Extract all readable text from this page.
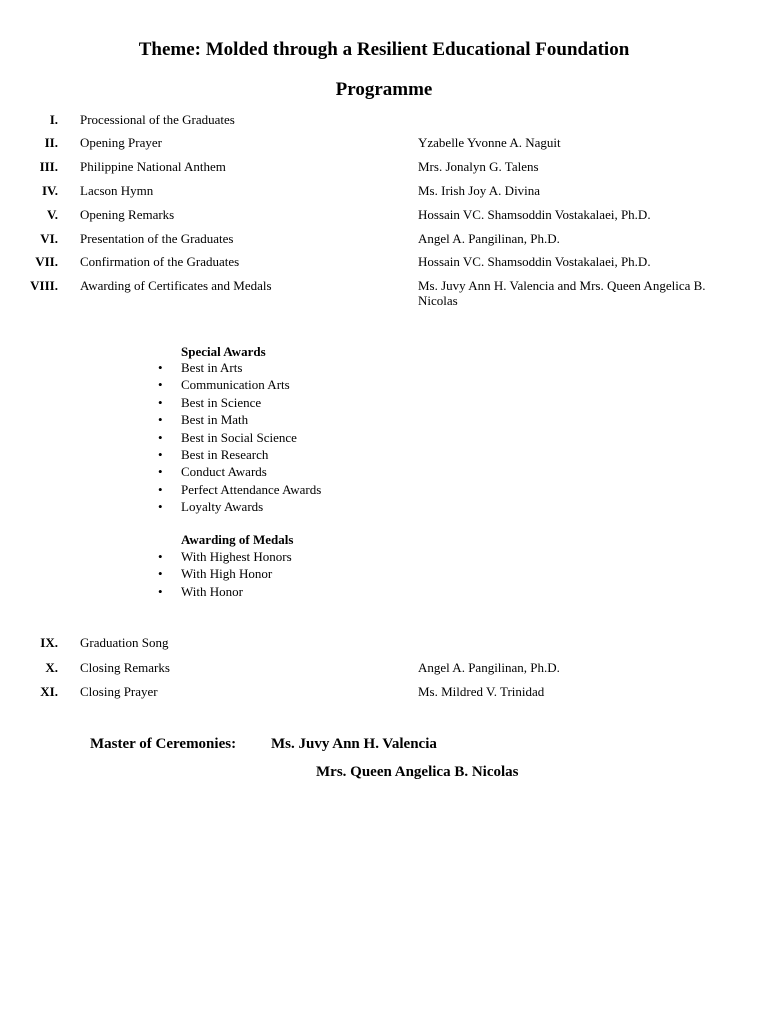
Theme: Molded through a Resilient Educational Foundation
Programme
I. Processional of the Graduates
II. Opening Prayer	Yzabelle Yvonne A. Naguit
III. Philippine National Anthem	Mrs. Jonalyn G. Talens
IV. Lacson Hymn	Ms. Irish Joy A. Divina
V. Opening Remarks	Hossain VC. Shamsoddin Vostakalaei, Ph.D.
VI. Presentation of the Graduates	Angel A. Pangilinan, Ph.D.
VII. Confirmation of the Graduates	Hossain VC. Shamsoddin Vostakalaei, Ph.D.
VIII. Awarding of Certificates and Medals	Ms. Juvy Ann H. Valencia and Mrs. Queen Angelica B. Nicolas
Special Awards
• Best in Arts
• Communication Arts
• Best in Science
• Best in Math
• Best in Social Science
• Best in Research
• Conduct Awards
• Perfect Attendance Awards
• Loyalty Awards
Awarding of Medals
• With Highest Honors
• With High Honor
• With Honor
IX. Graduation Song
X. Closing Remarks	Angel A. Pangilinan, Ph.D.
XI. Closing Prayer	Ms. Mildred V. Trinidad
Master of Ceremonies: Ms. Juvy Ann H. Valencia
Mrs. Queen Angelica B. Nicolas
